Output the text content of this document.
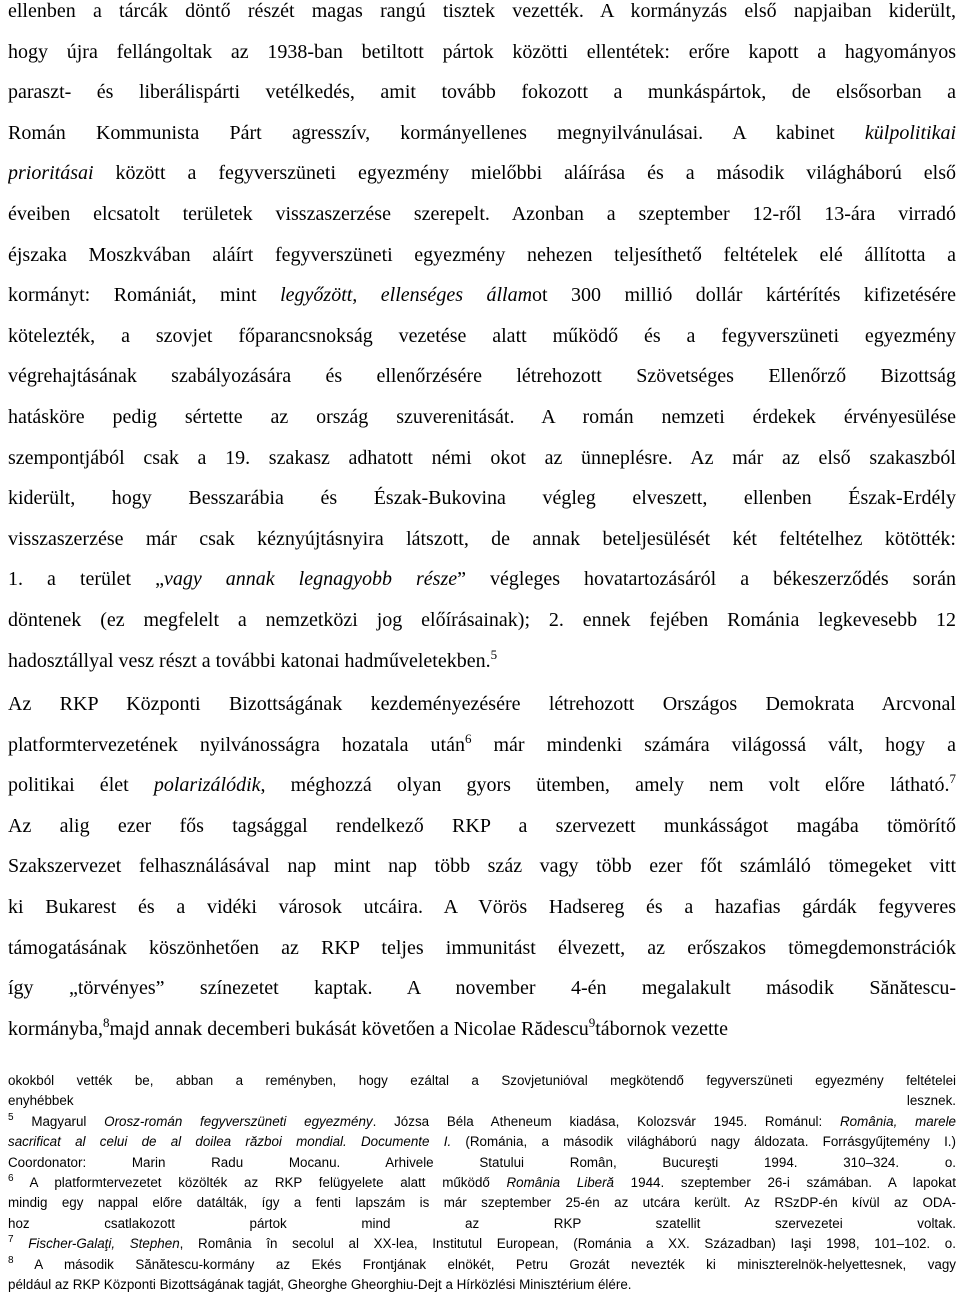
ellenben a tárcák döntő részét magas rangú tisztek vezették. A kormányzás első napjaiban kiderült,
hogy újra fellángoltak az 1938-ban betiltott pártok közötti ellentétek: erőre kapott a hagyományos
paraszt- és liberálispárti vetélkedés, amit tovább fokozott a munkáspártok, de elsősorban a
Román Kommunista Párt agresszív, kormányellenes megnyilvánulásai. A kabinet külpolitikai
prioritásai között a fegyverszüneti egyezmény mielőbbi aláírása és a második világháború első
éveiben elcsatolt területek visszaszerzése szerepelt. Azonban a szeptember 12-ről 13-ára virradó
éjszaka Moszkvában aláírt fegyverszüneti egyezmény nehezen teljesíthető feltételek elé állította a
kormányt: Romániát, mint legyőzött, ellenséges államot 300 millió dollár kártérítés kifizetésére
kötelezték, a szovjet főparancsnokság vezetése alatt működő és a fegyverszüneti egyezmény
végrehajtásának szabályozására és ellenőrzésére létrehozott Szövetséges Ellenőrző Bizottság
hatásköre pedig sértette az ország szuverenitását. A román nemzeti érdekek érvényesülése
szempontjából csak a 19. szakasz adhatott némi okot az ünneplésre. Az már az első szakaszból
kiderült, hogy Besszarábia és Észak-Bukovina végleg elveszett, ellenben Észak-Erdély
visszaszerzése már csak kéznyújtásnyira látszott, de annak beteljesülését két feltételhez kötötték:
1. a terület „vagy annak legnagyobb része” végleges hovatartozásáról a békeszerződés során
döntenek (ez megfelelt a nemzetközi jog előírásainak); 2. ennek fejében Románia legkevesebb 12
hadosztállyal vesz részt a további katonai hadműveletekben.$^5$
Az RKP Központi Bizottságának kezdeményezésére létrehozott Országos Demokrata Arcvonal
platformtervezetének nyilvánosságra hozatala után$^6$ már mindenki számára világossá vált, hogy a
politikai élet polarizálódik, méghozzá olyan gyors ütemben, amely nem volt előre látható.$^7$
Az alig ezer fős tagsággal rendelkező RKP a szervezett munkásságot magába tömörítő
Szakszervezet felhasználásával nap mint nap több száz vagy több ezer főt számláló tömegeket vitt
ki Bukarest és a vidéki városok utcáira. A Vörös Hadsereg és a hazafias gárdák fegyveres
támogatásának köszönhetően az RKP teljes immunitást élvezett, az erőszakos tömegdemonstrációk
így „törvényes” színezetet kaptak. A november 4-én megalakult második Sănătescu-
kormányba,$^8$majd annak decemberi bukását követően a Nicolae Rădescu$^9$tábornok vezette
okokból vették be, abban a reményben, hogy ezáltal a Szovjetunióval megkötendő fegyverszüneti egyezmény feltételei
enyhébbek lesznek.
$^5$ Magyarul Orosz-román fegyverszüneti egyezmény. Józsa Béla Atheneum kiadása, Kolozsvár 1945. Románul: România, marele
sacrificat al celui de al doilea război mondial. Documente I. (Románia, a második világháború nagy áldozata. Forrásgyűjtemény I.)
Coordonator: Marin Radu Mocanu. Arhivele Statului Român, Bucureşti 1994. 310–324. o.
$^6$ A platformtervezetet közölték az RKP felügyelete alatt működő România Liberă 1944. szeptember 26-i számában. A lapokat
mindig egy nappal előre datálták, így a fenti lapszám is már szeptember 25-én az utcára került. Az RSzDP-én kívül az ODA-
hoz csatlakozott pártok mind az RKP szatellit szervezetei voltak.
$^7$ Fischer-Galaţi, Stephen, România în secolul al XX-lea, Institutul European, (Románia a XX. Században) Iaşi 1998, 101–102. o.
$^8$ A második Sănătescu-kormány az Ekés Frontjának elnökét, Petru Grozát nevezték ki miniszterelnök-helyettesnek, vagy
például az RKP Központi Bizottságának tagját, Gheorghe Gheorghiu-Dejt a Hírközlési Minisztérium élére.
